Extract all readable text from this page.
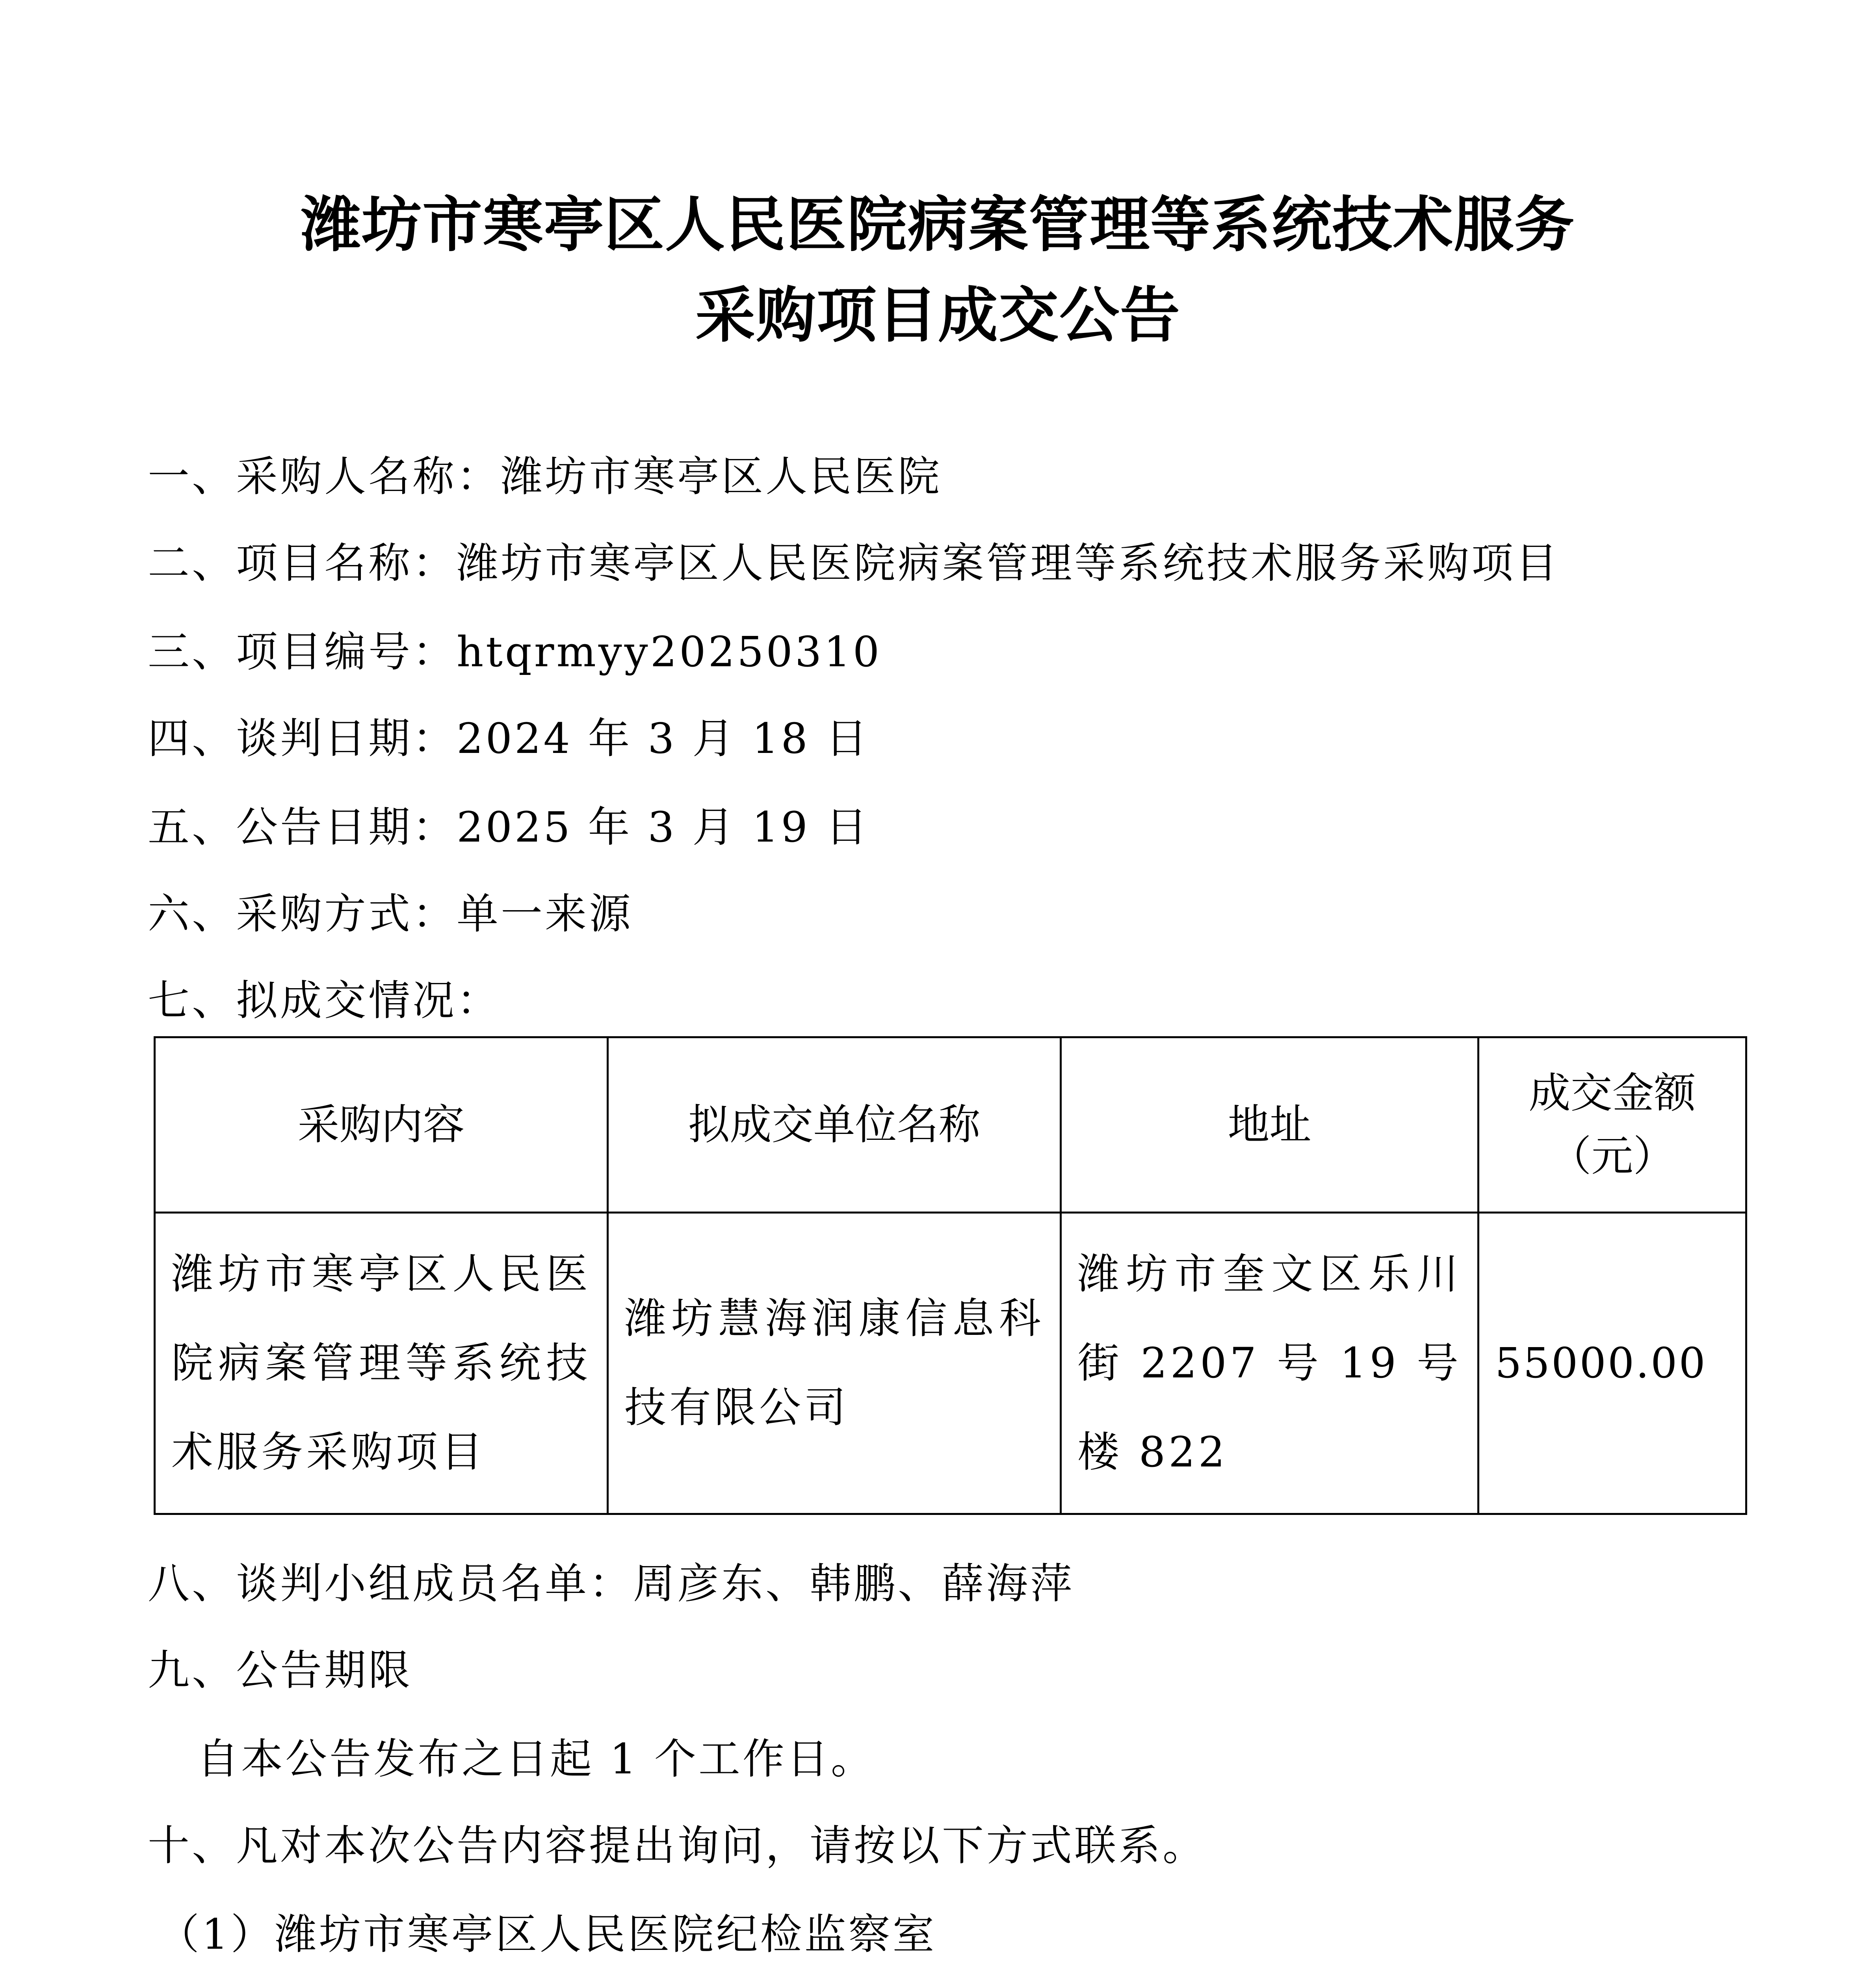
潍坊市寒亭区人民医院病案管理等系统技术服务
采购项目成交公告
一、采购人名称：潍坊市寒亭区人民医院
二、项目名称：潍坊市寒亭区人民医院病案管理等系统技术服务采购项目
三、项目编号：htqrmyy20250310
四、谈判日期：2024 年 3 月 18 日
五、公告日期：2025 年 3 月 19 日
六、采购方式：单一来源
七、拟成交情况：
采购内容	拟成交单位名称	地址	成交金额
（元）

潍坊市寒亭区人民医院病案管理等系统技术服务采购项目	潍坊慧海润康信息科技有限公司	潍坊市奎文区乐川街 2207 号 19 号楼 822	55000.00
八、谈判小组成员名单：周彦东、韩鹏、薛海萍
九、公告期限
自本公告发布之日起 1 个工作日。
十、凡对本次公告内容提出询问，请按以下方式联系。
（1）潍坊市寒亭区人民医院纪检监察室
